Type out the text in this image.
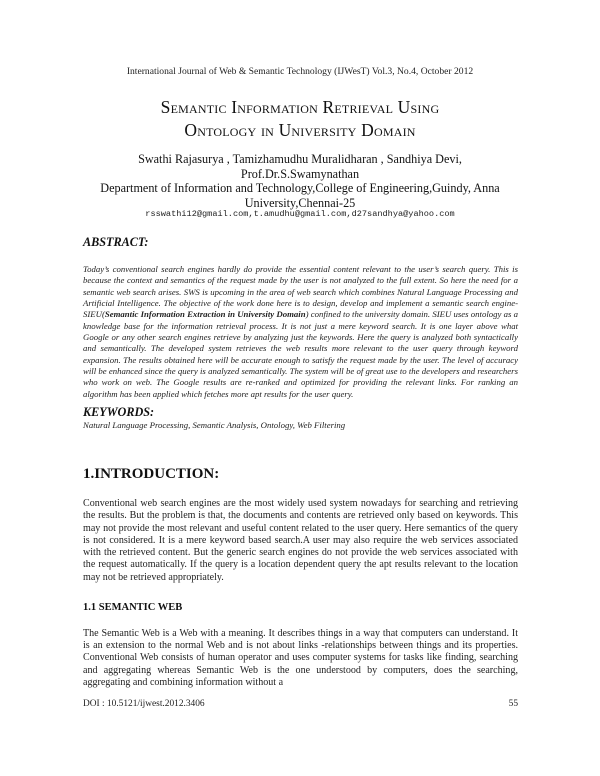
International Journal of Web & Semantic Technology (IJWesT) Vol.3, No.4, October 2012
Semantic Information Retrieval Using
Ontology in University Domain
Swathi Rajasurya , Tamizhamudhu Muralidharan , Sandhiya Devi, Prof.Dr.S.Swamynathan
Department of Information and Technology,College of Engineering,Guindy, Anna University,Chennai-25
rsswathi12@gmail.com,t.amudhu@gmail.com,d27sandhya@yahoo.com
ABSTRACT:
Today’s conventional search engines hardly do provide the essential content relevant to the user’s search query. This is because the context and semantics of the request made by the user is not analyzed to the full extent. So here the need for a semantic web search arises. SWS is upcoming in the area of web search which combines Natural Language Processing and Artificial Intelligence. The objective of the work done here is to design, develop and implement a semantic search engine- SIEU(Semantic Information Extraction in University Domain) confined to the university domain. SIEU uses ontology as a knowledge base for the information retrieval process. It is not just a mere keyword search. It is one layer above what Google or any other search engines retrieve by analyzing just the keywords. Here the query is analyzed both syntactically and semantically. The developed system retrieves the web results more relevant to the user query through keyword expansion. The results obtained here will be accurate enough to satisfy the request made by the user. The level of accuracy will be enhanced since the query is analyzed semantically. The system will be of great use to the developers and researchers who work on web. The Google results are re-ranked and optimized for providing the relevant links. For ranking an algorithm has been applied which fetches more apt results for the user query.
KEYWORDS:
Natural Language Processing, Semantic Analysis, Ontology, Web Filtering
1.INTRODUCTION:
Conventional web search engines are the most widely used system nowadays for searching and retrieving the results. But the problem is that, the documents and contents are retrieved only based on keywords. This may not provide the most relevant and useful content related to the user query. Here semantics of the query is not considered. It is a mere keyword based search.A user may also require the web services associated with the retrieved content. But the generic search engines do not provide the web services associated with the request automatically. If the query is a location dependent query the apt results relevant to the location may not be retrieved appropriately.
1.1 SEMANTIC WEB
The Semantic Web is a Web with a meaning. It describes things in a way that computers can understand. It is an extension to the normal Web and is not about links -relationships between things and its properties. Conventional Web consists of human operator and uses computer systems for tasks like finding, searching and aggregating whereas Semantic Web is the one understood by computers, does the searching, aggregating and combining information without a
DOI : 10.5121/ijwest.2012.3406	55
